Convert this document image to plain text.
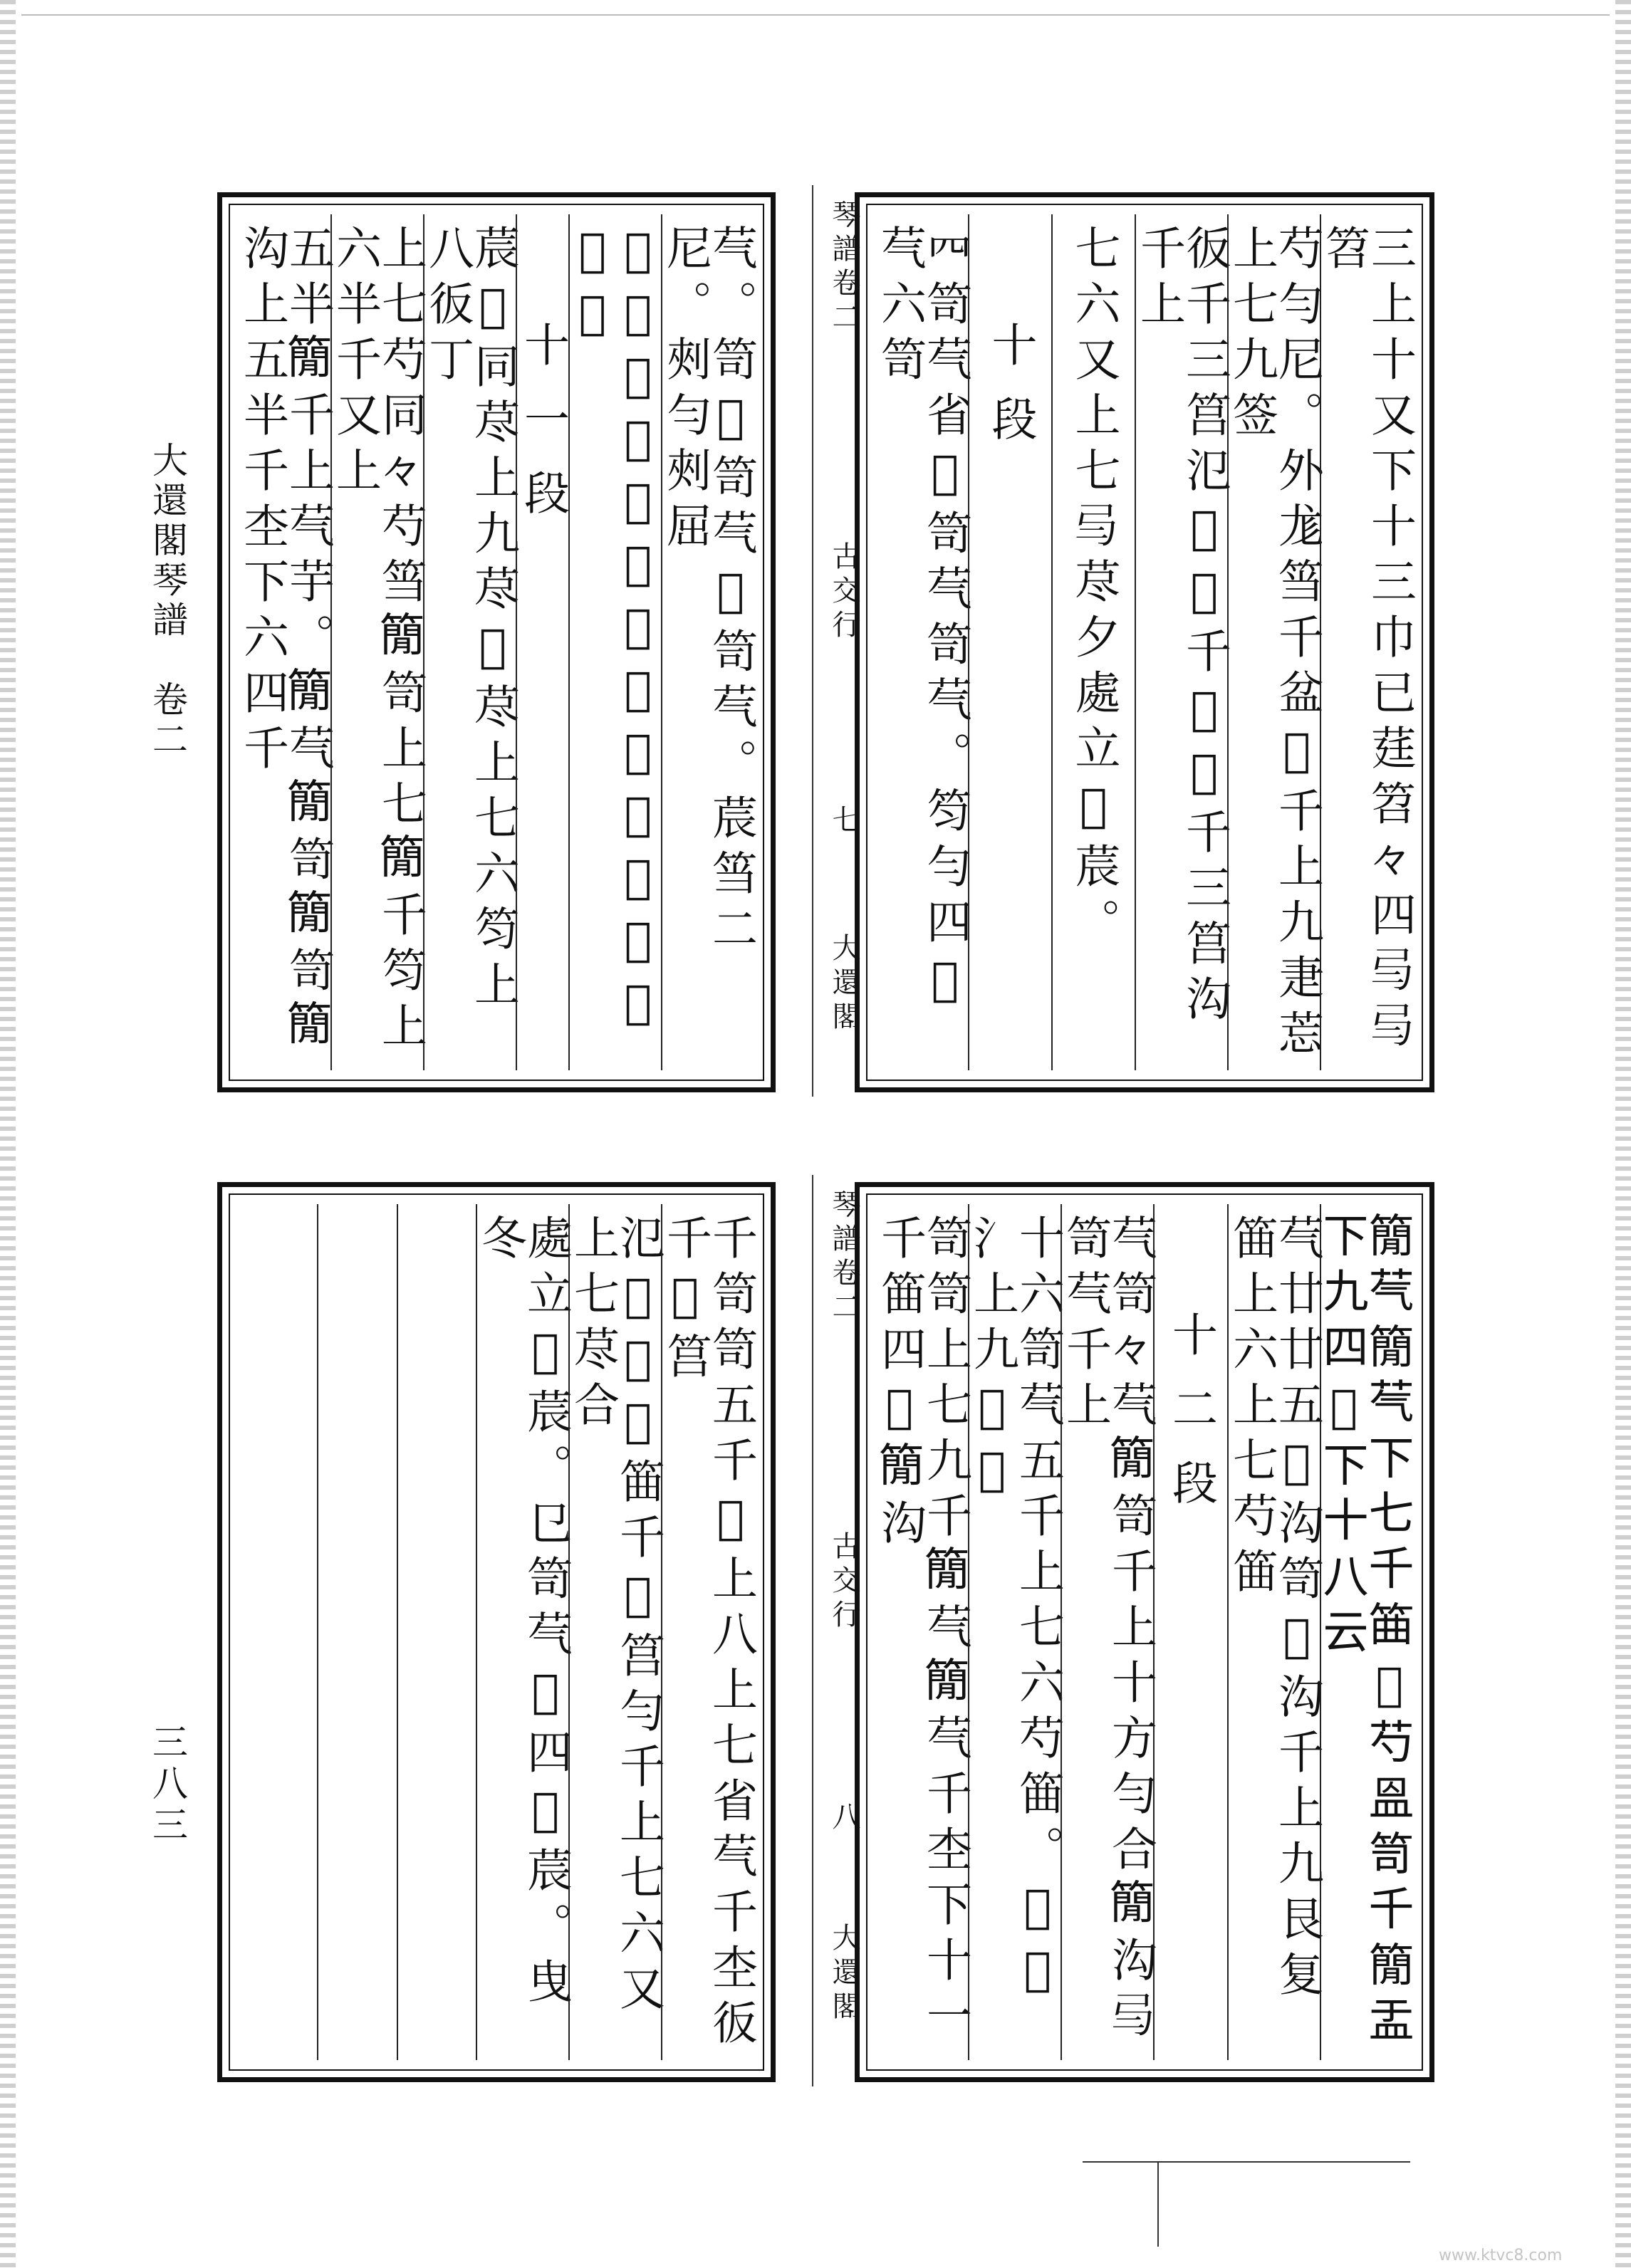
大還閣琴譜　卷二
三八三
芞。笥𢀳笥芞𢎥笥芞。莀筜二尼。㓨勻㓨屈
𤖸筜荩。𤖸筥屈𤖸芞省四三𤖸芞。
十一段
莀𤖸同荩上九荩𤖸荩上七六笉上八𢓉丁
上七芍同𠚤芍筜𥳑笥上七𥳑千笉上六半千又上
五半𥳑千上芞芋。𥳑芞𥳑笥𥳑笥𥳑沟上五半千杢下六四千	三上十又下十三巾已莛笤𠚤四𢎥𢎥笤
芍勻尼。外尨筜千盆𣲖千上九疌莣上七九签
𢓉千三筥氾𤖸𤁽千𠣌𥯗千三筥沟千上
七六又上七𢎥荩夕處立𤖸莀。
十段
𦉪笥芞省𢀳笥芞笥芞。笉勻四𠣌芞六笥
琴譜卷二
古交行
七
大還閣
千笥笥五千𠣌上八上七省芞千杢𢓉千𢎥筥
氾𤖸𤁽𠣌筁千𢎥筥勻千上七六又上七荩合
處立𤖸莀。㔾笥芞𢎥四𤖸莀。曳冬	𥳑芞𥳑芞下七千筁𤖸芍𥁕笥千𥳑盂下九四𢎥下十八云
芞廿廿五𤖸沟笥𥳑沟千上九艮复筁上六上七芍筁
十二段
芞笥𠚤芞𥳑笥千上十方勻合𥳑沟𢎥笥芞千上
十六笥芞五千上七六芍筁。𠣌𥳑氵上九𠣌𠣌
笥笥上七九千𥳑芞𥳑芞千杢下十一千筁四𤖸𥳑沟
琴譜卷二
古交行
八
大還閣
www.ktvc8.com
